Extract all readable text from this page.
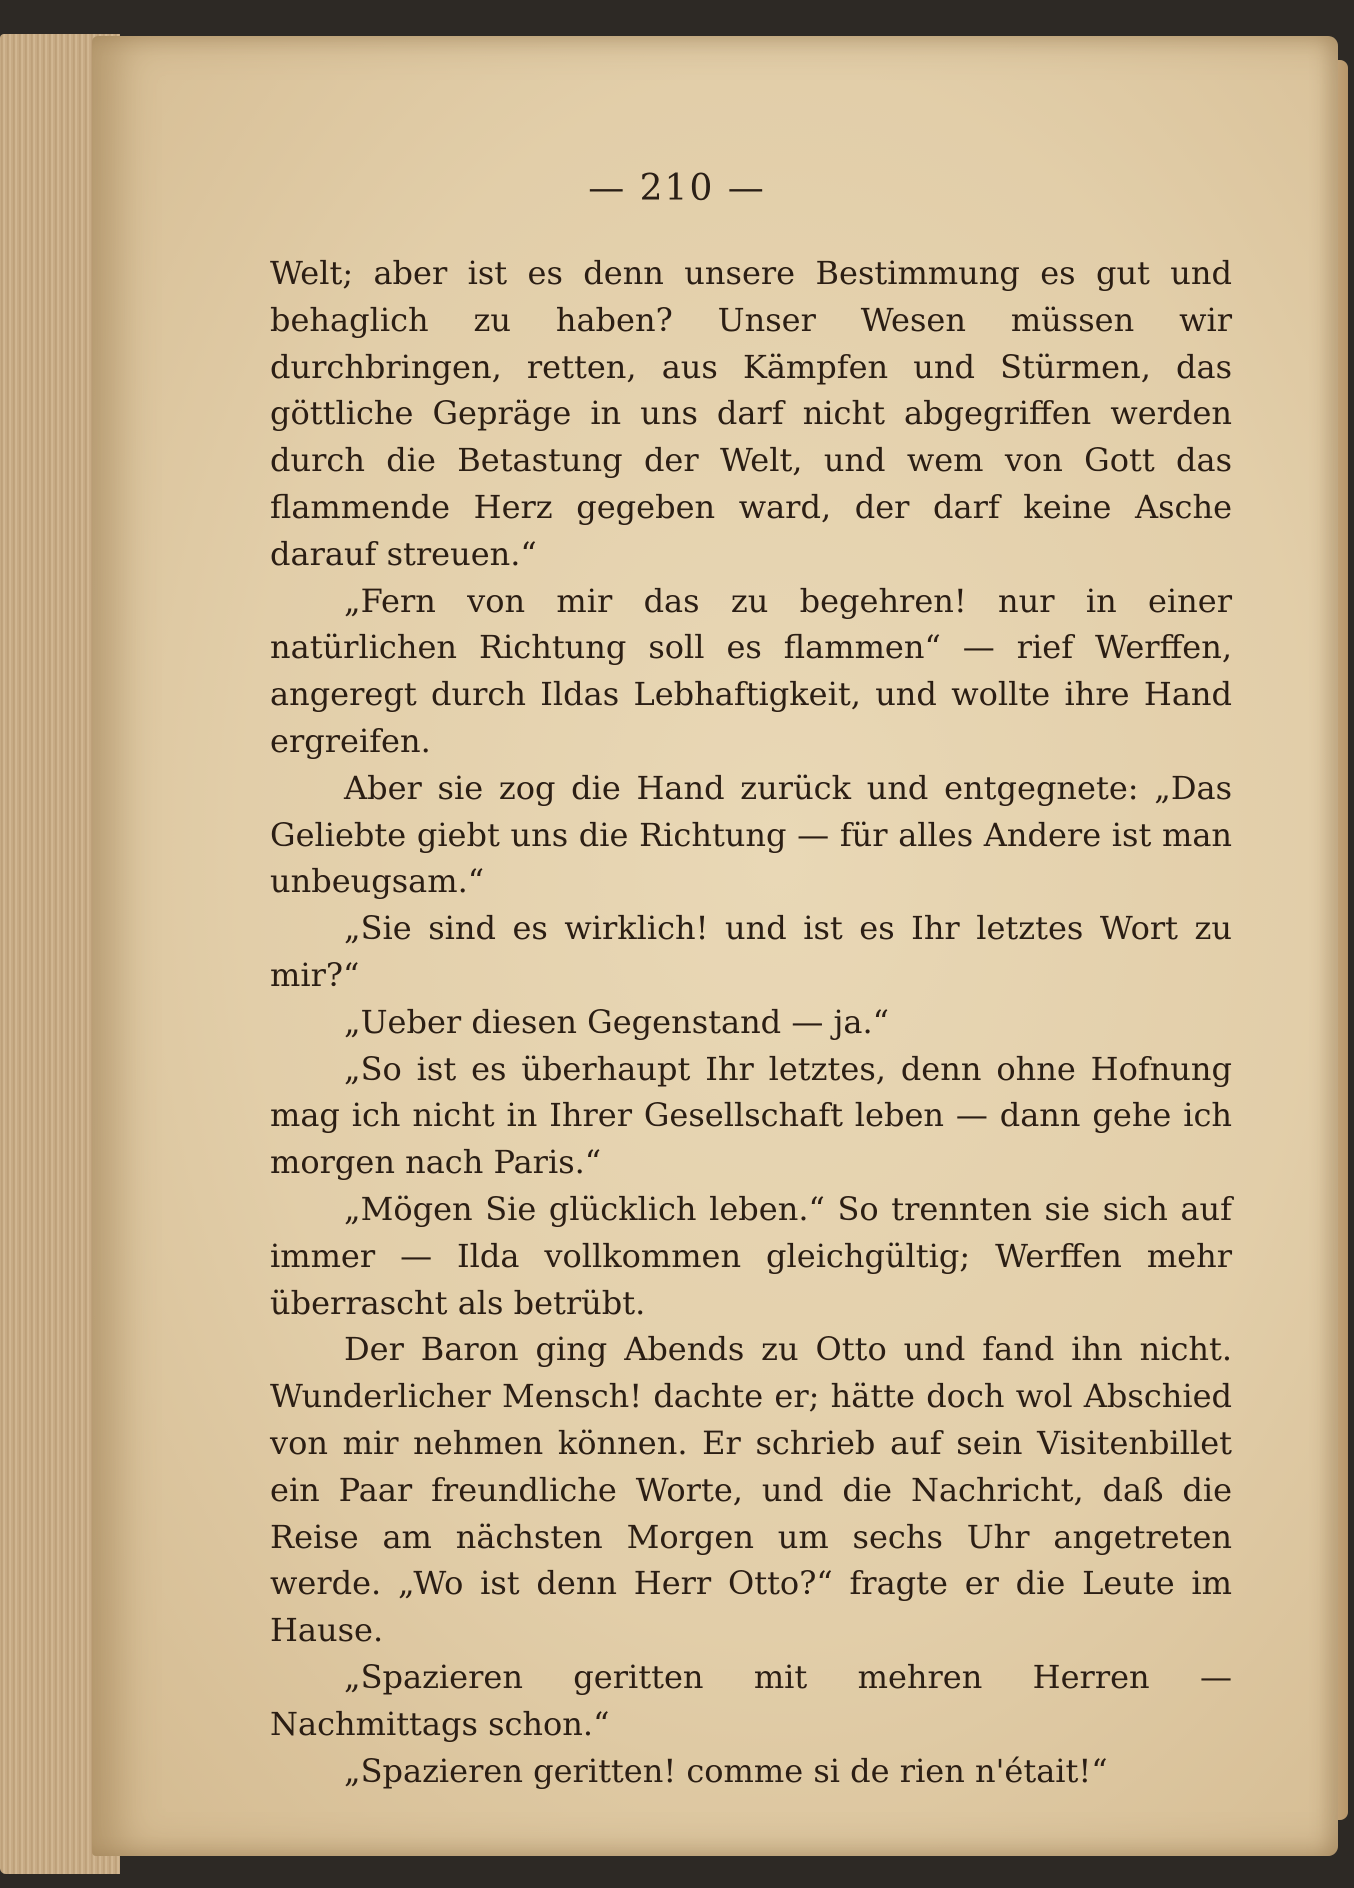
— 210 —

Welt; aber ist es denn unsere Bestimmung es gut und behaglich zu haben? Unser Wesen müssen wir durchbringen, retten, aus Kämpfen und Stürmen, das göttliche Gepräge in uns darf nicht abgegriffen werden durch die Betastung der Welt, und wem von Gott das flammende Herz gegeben ward, der darf keine Asche darauf streuen.“

„Fern von mir das zu begehren! nur in einer natürlichen Richtung soll es flammen“ — rief Werffen, angeregt durch Ildas Lebhaftigkeit, und wollte ihre Hand ergreifen.

Aber sie zog die Hand zurück und entgegnete: „Das Geliebte giebt uns die Richtung — für alles Andere ist man unbeugsam.“

„Sie sind es wirklich! und ist es Ihr letztes Wort zu mir?“

„Ueber diesen Gegenstand — ja.“

„So ist es überhaupt Ihr letztes, denn ohne Hofnung mag ich nicht in Ihrer Gesellschaft leben — dann gehe ich morgen nach Paris.“

„Mögen Sie glücklich leben.“ So trennten sie sich auf immer — Ilda vollkommen gleichgültig; Werffen mehr überrascht als betrübt.

Der Baron ging Abends zu Otto und fand ihn nicht. Wunderlicher Mensch! dachte er; hätte doch wol Abschied von mir nehmen können. Er schrieb auf sein Visitenbillet ein Paar freundliche Worte, und die Nachricht, daß die Reise am nächsten Morgen um sechs Uhr angetreten werde. „Wo ist denn Herr Otto?“ fragte er die Leute im Hause.

„Spazieren geritten mit mehren Herren — Nachmittags schon.“

„Spazieren geritten! comme si de rien n'était!“
